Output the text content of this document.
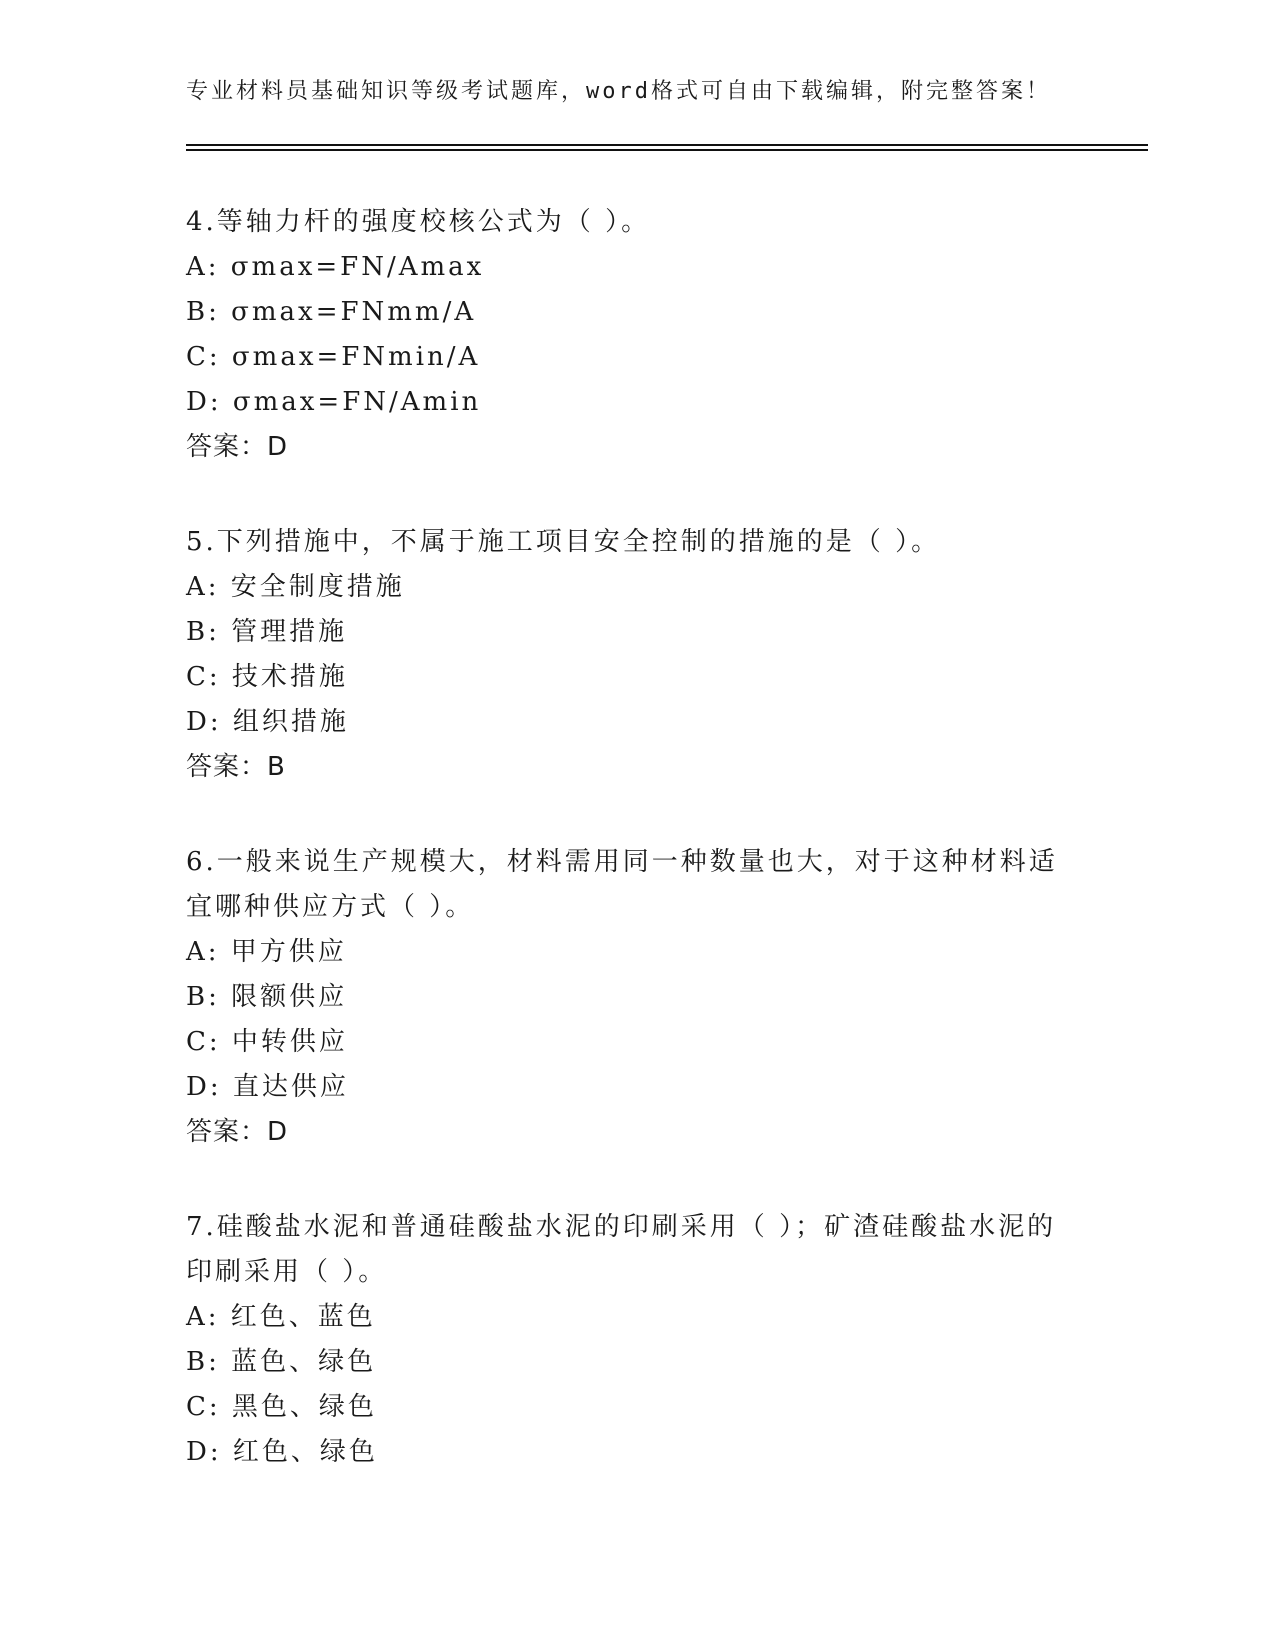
专业材料员基础知识等级考试题库，word格式可自由下载编辑，附完整答案！

4.等轴力杆的强度校核公式为（ ）。

A: σmax=FN/Amax
B: σmax=FNmm/A
C: σmax=FNmin/A
D: σmax=FN/Amin
答案：D

5.下列措施中，不属于施工项目安全控制的措施的是（ ）。

A: 安全制度措施
B: 管理措施
C: 技术措施
D: 组织措施
答案：B

6.一般来说生产规模大，材料需用同一种数量也大，对于这种材料适宜哪种供应方式（ ）。

A: 甲方供应
B: 限额供应
C: 中转供应
D: 直达供应
答案：D

7.硅酸盐水泥和普通硅酸盐水泥的印刷采用（ ）；矿渣硅酸盐水泥的印刷采用（ ）。

A: 红色、蓝色
B: 蓝色、绿色
C: 黑色、绿色
D: 红色、绿色
